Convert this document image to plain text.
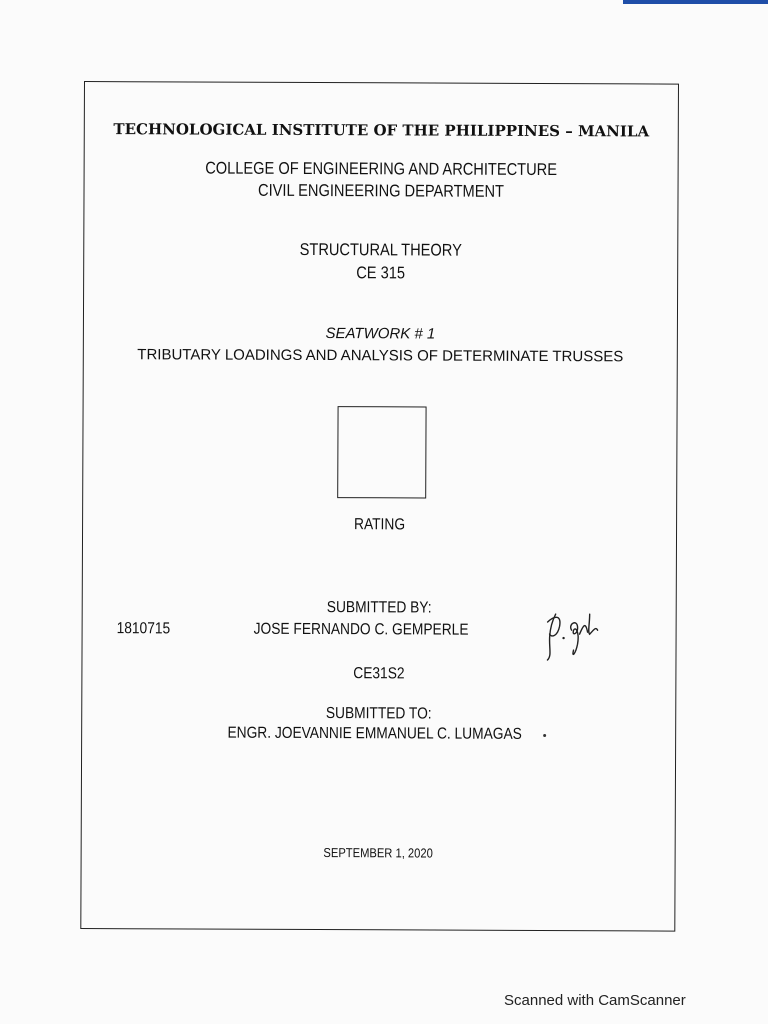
TECHNOLOGICAL INSTITUTE OF THE PHILIPPINES – MANILA
COLLEGE OF ENGINEERING AND ARCHITECTURE
CIVIL ENGINEERING DEPARTMENT
STRUCTURAL THEORY
CE 315
SEATWORK # 1
TRIBUTARY LOADINGS AND ANALYSIS OF DETERMINATE TRUSSES
RATING
SUBMITTED BY:
1810715	JOSE FERNANDO C. GEMPERLE
CE31S2
SUBMITTED TO:
ENGR. JOEVANNIE EMMANUEL C. LUMAGAS
SEPTEMBER 1, 2020
Scanned with CamScanner
